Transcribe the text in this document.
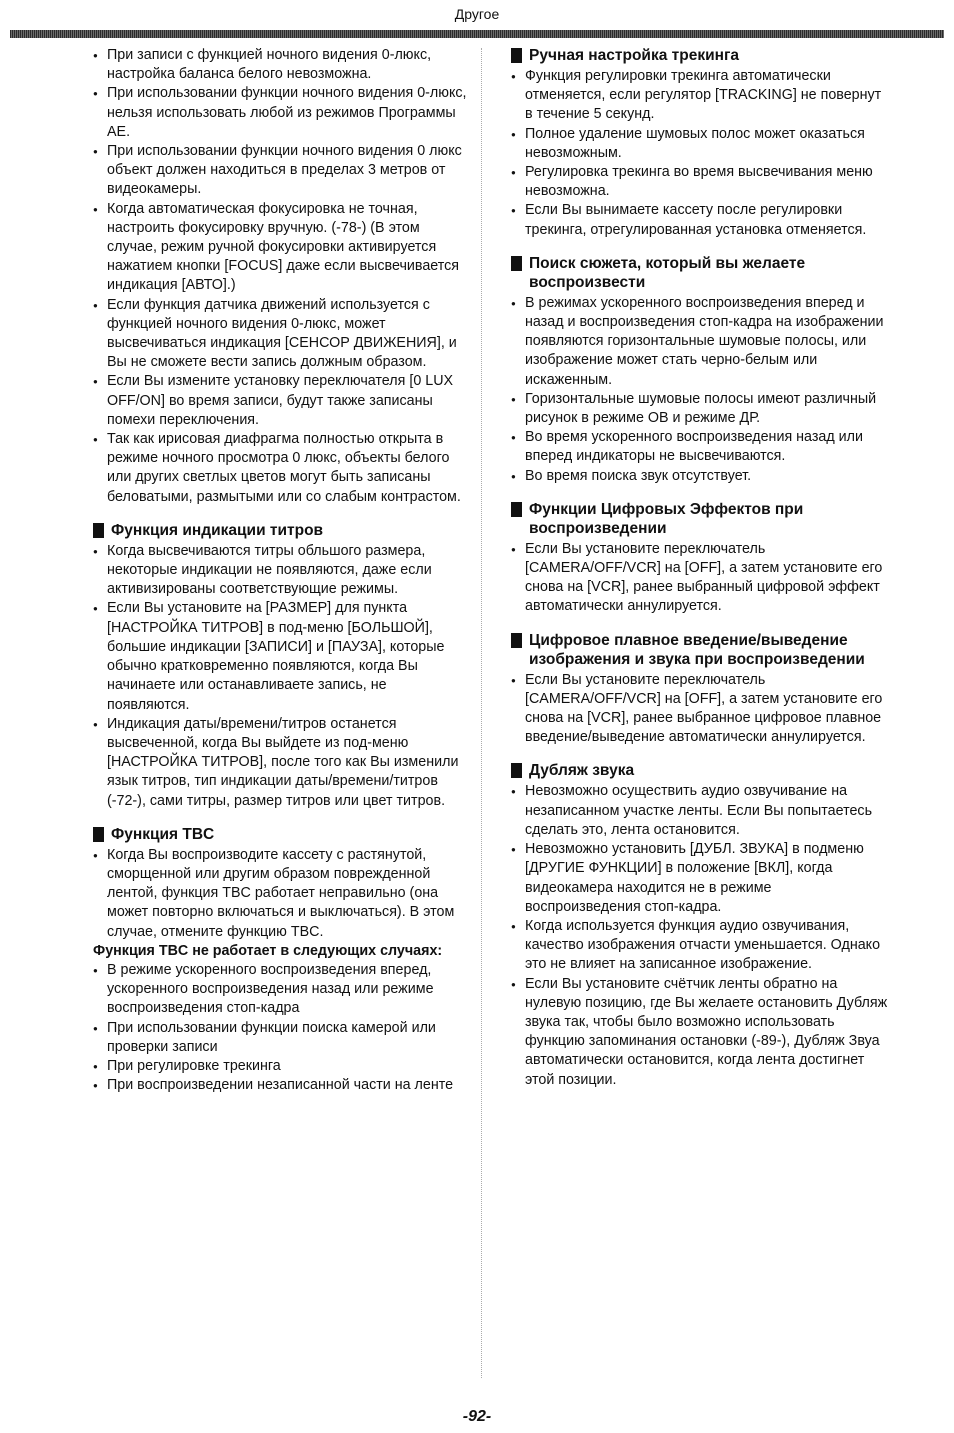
Другое
● При записи с функцией ночного видения 0-люкс, настройка баланса белого невозможна.
● При использовании функции ночного видения 0-люкс, нельзя использовать любой из режимов Программы АЕ.
● При использовании функции ночного видения 0 люкс объект должен находиться в пределах 3 метров от видеокамеры.
● Когда автоматическая фокусировка не точная, настроить фокусировку вручную. (-78-) (В этом случае, режим ручной фокусировки активируется нажатием кнопки [FOCUS] даже если высвечивается индикация [АВТО].)
● Если функция датчика движений используется с функцией ночного видения 0-люкс, может высвечиваться индикация [СЕНСОР ДВИЖЕНИЯ], и Вы не сможете вести запись должным образом.
● Если Вы измените установку переключателя [0 LUX OFF/ON] во время записи, будут также записаны помехи переключения.
● Так как ирисовая диафрагма полностью открыта в режиме ночного просмотра 0 люкс, объекты белого или других светлых цветов могут быть записаны беловатыми, размытыми или со слабым контрастом.
Функция индикации титров
● Когда высвечиваются титры обльшого размера, некоторые индикации не появляются, даже если активизированы соответствующие режимы.
● Если Вы установите на [РАЗМЕР] для пункта [НАСТРОЙКА ТИТРОВ] в под-меню [БОЛЬШОЙ], большие индикации [ЗАПИСИ] и [ПАУЗА], которые обычно кратковременно появляются, когда Вы начинаете или останавливаете запись, не появляются.
● Индикация даты/времени/титров останется высвеченной, когда Вы выйдете из под-меню [НАСТРОЙКА ТИТРОВ], после того как Вы изменили язык титров, тип индикации даты/времени/титров (-72-), сами титры, размер титров или цвет титров.
Функция TBC
● Когда Вы воспроизводите кассету с растянутой, сморщенной или другим образом поврежденной лентой, функция TBC работает неправильно (она может повторно включаться и выключаться). В этом случае, отмените функцию TBC.

Функция TBC не работает в следующих случаях:

● В режиме ускоренного воспроизведения вперед, ускоренного воспроизведения назад или режиме воспроизведения стоп-кадра
● При использовании функции поиска камерой или проверки записи
● При регулировке трекинга
● При воспроизведении незаписанной части на ленте
Ручная настройка трекинга
● Функция регулировки трекинга автоматически отменяется, если регулятор [TRACKING] не повернут в течение 5 секунд.
● Полное удаление шумовых полос может оказаться невозможным.
● Регулировка трекинга во время высвечивания меню невозможна.
● Если Вы вынимаете кассету после регулировки трекинга, отрегулированная установка отменяется.
Поиск сюжета, который вы желаете воспроизвести
● В режимах ускоренного воспроизведения вперед и назад и воспроизведения стоп-кадра на изображении появляются горизонтальные шумовые полосы, или изображение может стать черно-белым или искаженным.
● Горизонтальные шумовые полосы имеют различный рисунок в режиме ОВ и режиме ДР.
● Во время ускоренного воспроизведения назад или вперед индикаторы не высвечиваются.
● Во время поиска звук отсутствует.
Функции Цифровых Эффектов при воспроизведении
● Если Вы установите переключатель [CAMERA/OFF/VCR] на [OFF], а затем установите его снова на [VCR], ранее выбранный цифровой эффект автоматически аннулируется.
Цифровое плавное введение/выведение изображения и звука при воспроизведении
● Если Вы установите переключатель [CAMERA/OFF/VCR] на [OFF], а затем установите его снова на [VCR], ранее выбранное цифровое плавное введение/выведение автоматически аннулируется.
Дубляж звука
● Невозможно осуществить аудио озвучивание на незаписанном участке ленты. Если Вы попытаетесь сделать это, лента остановится.
● Невозможно установить [ДУБЛ. ЗВУКА] в подменю [ДРУГИЕ ФУНКЦИИ] в положение [ВКЛ], когда видеокамера находится не в режиме воспроизведения стоп-кадра.
● Когда используется функция аудио озвучивания, качество изображения отчасти уменьшается. Однако это не влияет на записанное изображение.
● Если Вы установите счётчик ленты обратно на нулевую позицию, где Вы желаете остановить Дубляж звука так, чтобы было возможно использовать функцию запоминания остановки (-89-), Дубляж Звуа автоматически остановится, когда лента достигнет этой позиции.
-92-
